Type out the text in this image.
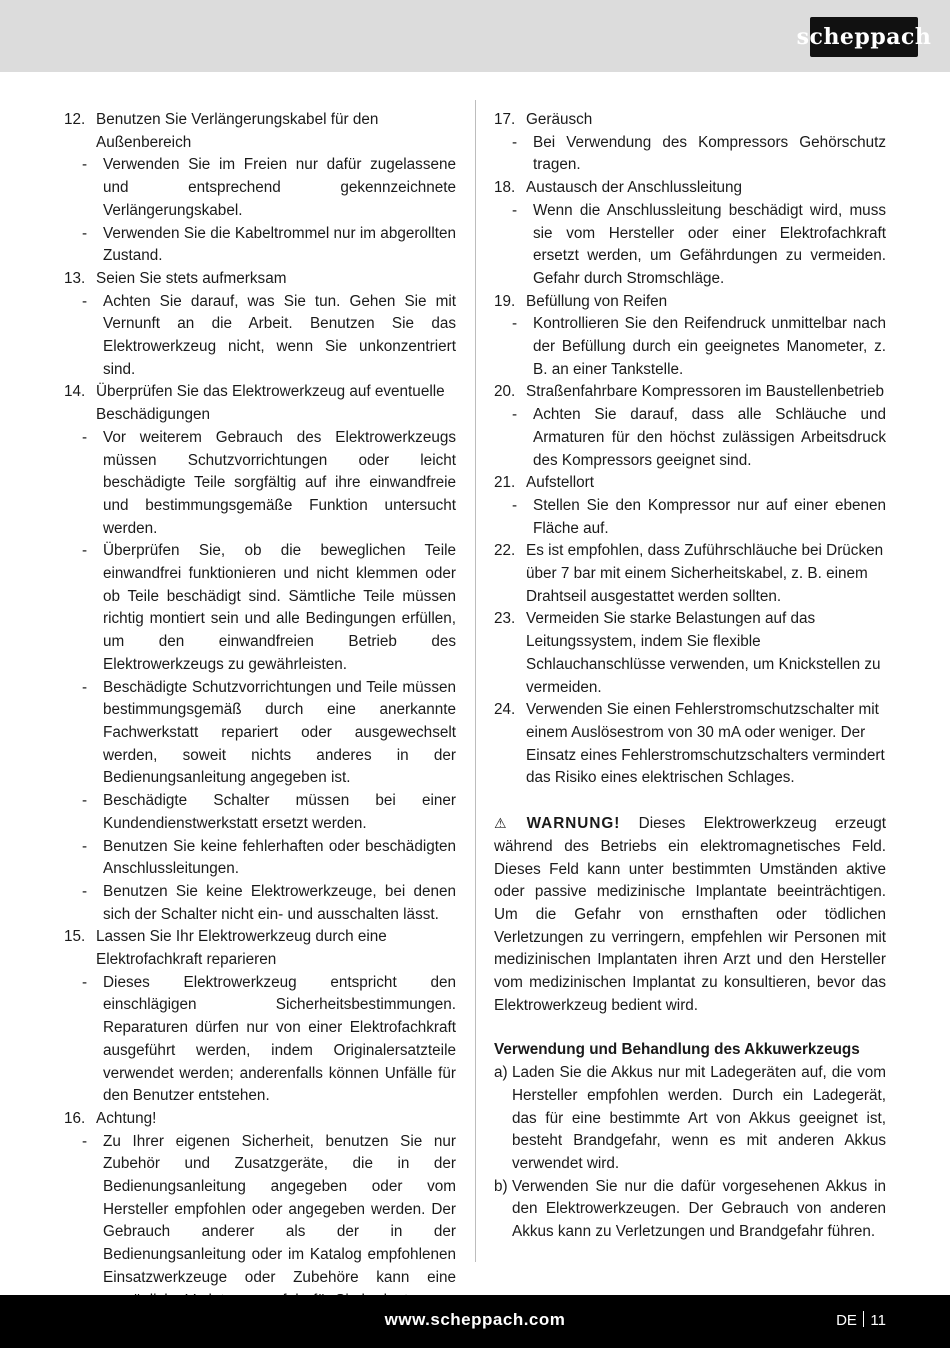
scheppach
12. Benutzen Sie Verlängerungskabel für den Außenbereich
-	Verwenden Sie im Freien nur dafür zugelassene und entsprechend gekennzeichnete Verlängerungskabel.
-	Verwenden Sie die Kabeltrommel nur im abgerollten Zustand.
13. Seien Sie stets aufmerksam
-	Achten Sie darauf, was Sie tun. Gehen Sie mit Vernunft an die Arbeit. Benutzen Sie das Elektrowerkzeug nicht, wenn Sie unkonzentriert sind.
14. Überprüfen Sie das Elektrowerkzeug auf eventuelle Beschädigungen
-	Vor weiterem Gebrauch des Elektrowerkzeugs müssen Schutzvorrichtungen oder leicht beschädigte Teile sorgfältig auf ihre einwandfreie und bestimmungsgemäße Funktion untersucht werden.
-	Überprüfen Sie, ob die beweglichen Teile einwandfrei funktionieren und nicht klemmen oder ob Teile beschädigt sind. Sämtliche Teile müssen richtig montiert sein und alle Bedingungen erfüllen, um den einwandfreien Betrieb des Elektrowerkzeugs zu gewährleisten.
-	Beschädigte Schutzvorrichtungen und Teile müssen bestimmungsgemäß durch eine anerkannte Fachwerkstatt repariert oder ausgewechselt werden, soweit nichts anderes in der Bedienungsanleitung angegeben ist.
-	Beschädigte Schalter müssen bei einer Kundendienstwerkstatt ersetzt werden.
-	Benutzen Sie keine fehlerhaften oder beschädigten Anschlussleitungen.
-	Benutzen Sie keine Elektrowerkzeuge, bei denen sich der Schalter nicht ein- und ausschalten lässt.
15. Lassen Sie Ihr Elektrowerkzeug durch eine Elektrofachkraft reparieren
-	Dieses Elektrowerkzeug entspricht den einschlägigen Sicherheitsbestimmungen. Reparaturen dürfen nur von einer Elektrofachkraft ausgeführt werden, indem Originalersatzteile verwendet werden; anderenfalls können Unfälle für den Benutzer entstehen.
16. Achtung!
-	Zu Ihrer eigenen Sicherheit, benutzen Sie nur Zubehör und Zusatzgeräte, die in der Bedienungsanleitung angegeben oder vom Hersteller empfohlen oder angegeben werden. Der Gebrauch anderer als der in der Bedienungsanleitung oder im Katalog empfohlenen Einsatzwerkzeuge oder Zubehöre kann eine
17. Geräusch
-	Bei Verwendung des Kompressors Gehörschutz tragen.
18. Austausch der Anschlussleitung
-	Wenn die Anschlussleitung beschädigt wird, muss sie vom Hersteller oder einer Elektrofachkraft ersetzt werden, um Gefährdungen zu vermeiden. Gefahr durch Stromschläge.
19. Befüllung von Reifen
-	Kontrollieren Sie den Reifendruck unmittelbar nach der Befüllung durch ein geeignetes Manometer, z. B. an einer Tankstelle.
20. Straßenfahrbare Kompressoren im Baustellenbetrieb
-	Achten Sie darauf, dass alle Schläuche und Armaturen für den höchst zulässigen Arbeitsdruck des Kompressors geeignet sind.
21. Aufstellort
-	Stellen Sie den Kompressor nur auf einer ebenen Fläche auf.
22. Es ist empfohlen, dass Zuführschläuche bei Drücken über 7 bar mit einem Sicherheitskabel, z. B. einem Drahtseil ausgestattet werden sollten.
23. Vermeiden Sie starke Belastungen auf das Leitungssystem, indem Sie flexible Schlauchanschlüsse verwenden, um Knickstellen zu vermeiden.
24. Verwenden Sie einen Fehlerstromschutzschalter mit einem Auslösestrom von 30 mA oder weniger. Der Einsatz eines Fehlerstromschutzschalters vermindert das Risiko eines elektrischen Schlages.
⚠ WARNUNG! Dieses Elektrowerkzeug erzeugt während des Betriebs ein elektromagnetisches Feld. Dieses Feld kann unter bestimmten Umständen aktive oder passive medizinische Implantate beeinträchtigen. Um die Gefahr von ernsthaften oder tödlichen Verletzungen zu verringern, empfehlen wir Personen mit medizinischen Implantaten ihren Arzt und den Hersteller vom medizinischen Implantat zu konsultieren, bevor das Elektrowerkzeug bedient wird.
Verwendung und Behandlung des Akkuwerkzeugs
a) Laden Sie die Akkus nur mit Ladegeräten auf, die vom Hersteller empfohlen werden. Durch ein Ladegerät, das für eine bestimmte Art von Akkus geeignet ist, besteht Brandgefahr, wenn es mit anderen Akkus verwendet wird.
b) Verwenden Sie nur die dafür vorgesehenen Akkus in den Elektrowerkzeugen. Der Gebrauch von anderen Akkus kann zu Verletzungen und Brandgefahr führen.
www.scheppach.com	DE 11
